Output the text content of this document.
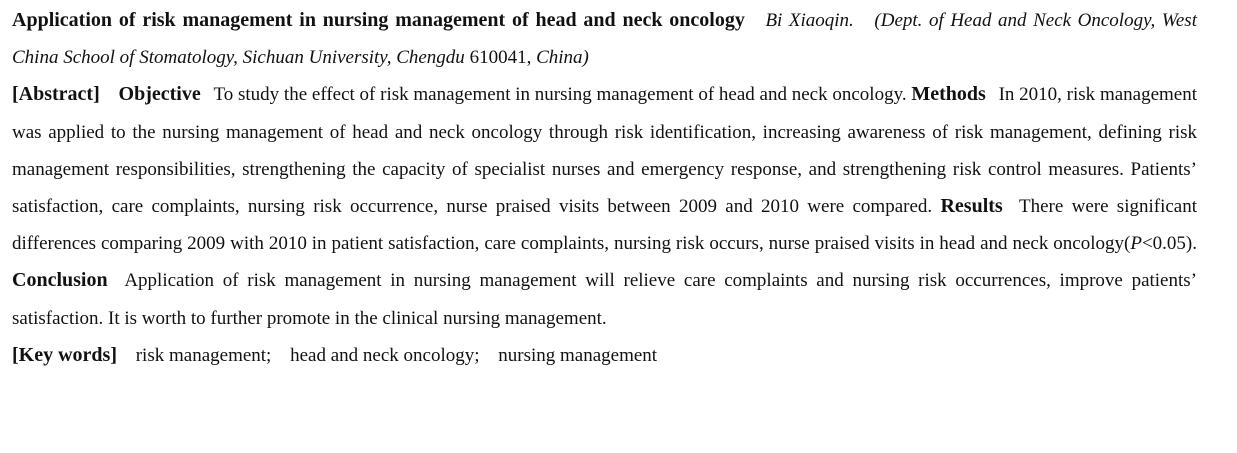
Application of risk management in nursing management of head and neck oncology Bi Xiaoqin. (Dept. of Head and Neck Oncology, West China School of Stomatology, Sichuan University, Chengdu 610041, China)

[Abstract] Objective To study the effect of risk management in nursing management of head and neck oncology. Methods In 2010, risk management was applied to the nursing management of head and neck oncology through risk identification, increasing awareness of risk management, defining risk management responsibilities, strengthening the capacity of specialist nurses and emergency response, and strengthening risk control measures. Patients’ satisfaction, care complaints, nursing risk occurrence, nurse praised visits between 2009 and 2010 were compared. Results There were significant differences comparing 2009 with 2010 in patient satisfaction, care complaints, nursing risk occurs, nurse praised visits in head and neck oncology(P<0.05). Conclusion Application of risk management in nursing management will relieve care complaints and nursing risk occurrences, improve patients’ satisfaction. It is worth to further promote in the clinical nursing management.

[Key words] risk management; head and neck oncology; nursing management
